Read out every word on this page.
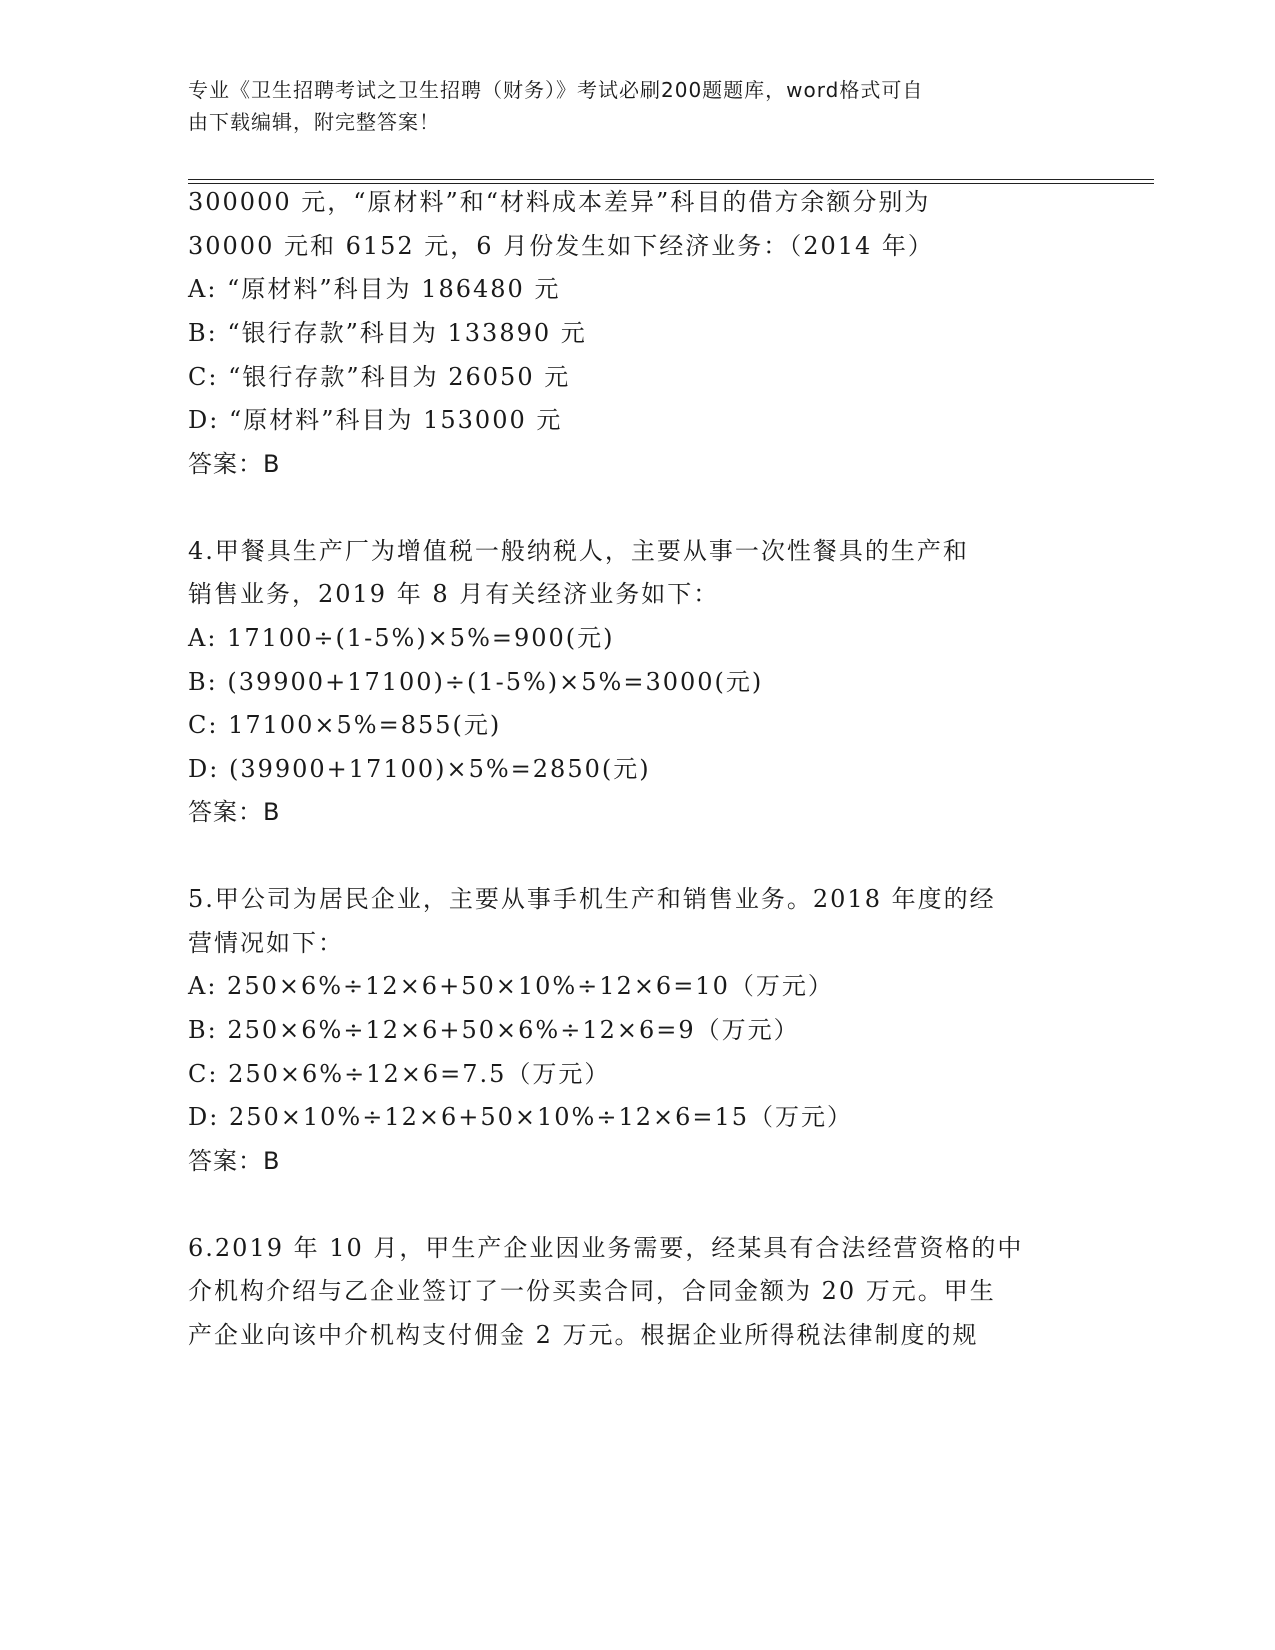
专业《卫生招聘考试之卫生招聘（财务）》考试必刷200题题库，word格式可自
由下载编辑，附完整答案！
300000 元，“原材料”和“材料成本差异”科目的借方余额分别为
30000 元和 6152 元，6 月份发生如下经济业务：（2014 年）
A: “原材料”科目为 186480 元
B: “银行存款”科目为 133890 元
C: “银行存款”科目为 26050 元
D: “原材料”科目为 153000 元
答案：B
4.甲餐具生产厂为增值税一般纳税人，主要从事一次性餐具的生产和
销售业务，2019 年 8 月有关经济业务如下：
A: 17100÷(1-5%)×5%=900(元)
B: (39900+17100)÷(1-5%)×5%=3000(元)
C: 17100×5%=855(元)
D: (39900+17100)×5%=2850(元)
答案：B
5.甲公司为居民企业，主要从事手机生产和销售业务。2018 年度的经
营情况如下：
A: 250×6%÷12×6+50×10%÷12×6=10（万元）
B: 250×6%÷12×6+50×6%÷12×6=9（万元）
C: 250×6%÷12×6=7.5（万元）
D: 250×10%÷12×6+50×10%÷12×6=15（万元）
答案：B
6.2019 年 10 月，甲生产企业因业务需要，经某具有合法经营资格的中
介机构介绍与乙企业签订了一份买卖合同，合同金额为 20 万元。甲生
产企业向该中介机构支付佣金 2 万元。根据企业所得税法律制度的规
